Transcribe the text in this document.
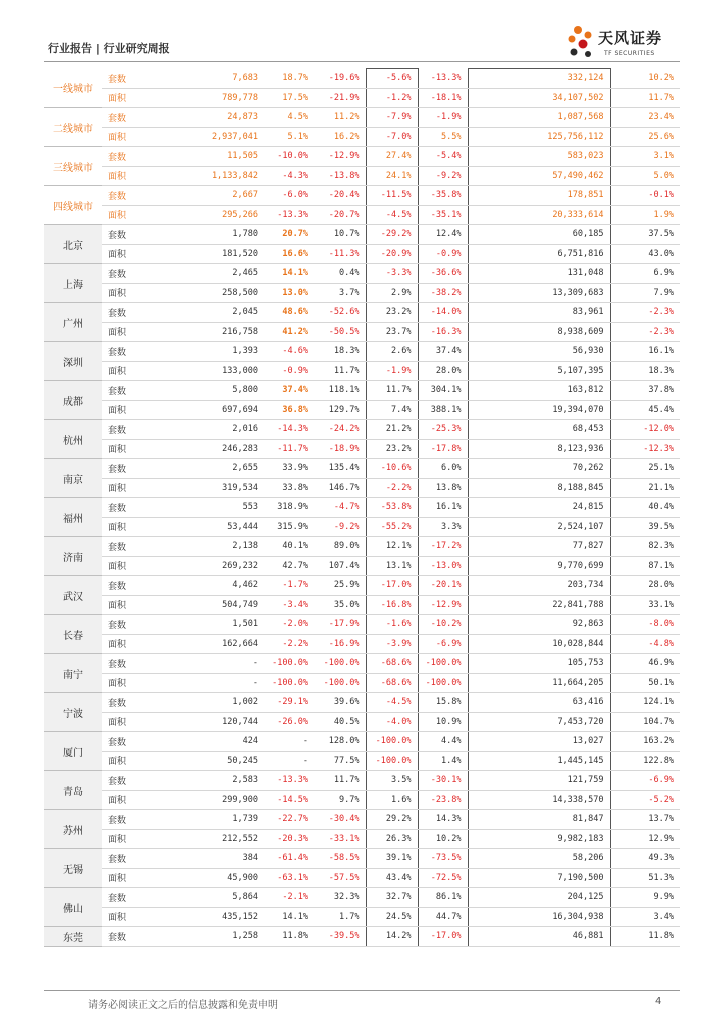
行业报告 | 行业研究周报
天风证券
TF SECURITIES
一线城市	套数	7,683	18.7%	-19.6%	-5.6%	-13.3%	332,124	10.2%
	面积	789,778	17.5%	-21.9%	-1.2%	-18.1%	34,107,502	11.7%
二线城市	套数	24,873	4.5%	11.2%	-7.9%	-1.9%	1,087,568	23.4%
	面积	2,937,041	5.1%	16.2%	-7.0%	5.5%	125,756,112	25.6%
三线城市	套数	11,505	-10.0%	-12.9%	27.4%	-5.4%	583,023	3.1%
	面积	1,133,842	-4.3%	-13.8%	24.1%	-9.2%	57,490,462	5.0%
四线城市	套数	2,667	-6.0%	-20.4%	-11.5%	-35.8%	178,851	-0.1%
	面积	295,266	-13.3%	-20.7%	-4.5%	-35.1%	20,333,614	1.9%
北京	套数	1,780	20.7%	10.7%	-29.2%	12.4%	60,185	37.5%
	面积	181,520	16.6%	-11.3%	-20.9%	-0.9%	6,751,816	43.0%
上海	套数	2,465	14.1%	0.4%	-3.3%	-36.6%	131,048	6.9%
	面积	258,500	13.0%	3.7%	2.9%	-38.2%	13,309,683	7.9%
广州	套数	2,045	48.6%	-52.6%	23.2%	-14.0%	83,961	-2.3%
	面积	216,758	41.2%	-50.5%	23.7%	-16.3%	8,938,609	-2.3%
深圳	套数	1,393	-4.6%	18.3%	2.6%	37.4%	56,930	16.1%
	面积	133,000	-0.9%	11.7%	-1.9%	28.0%	5,107,395	18.3%
成都	套数	5,800	37.4%	118.1%	11.7%	304.1%	163,812	37.8%
	面积	697,694	36.8%	129.7%	7.4%	388.1%	19,394,070	45.4%
杭州	套数	2,016	-14.3%	-24.2%	21.2%	-25.3%	68,453	-12.0%
	面积	246,283	-11.7%	-18.9%	23.2%	-17.8%	8,123,936	-12.3%
南京	套数	2,655	33.9%	135.4%	-10.6%	6.0%	70,262	25.1%
	面积	319,534	33.8%	146.7%	-2.2%	13.8%	8,188,845	21.1%
福州	套数	553	318.9%	-4.7%	-53.8%	16.1%	24,815	40.4%
	面积	53,444	315.9%	-9.2%	-55.2%	3.3%	2,524,107	39.5%
济南	套数	2,138	40.1%	89.0%	12.1%	-17.2%	77,827	82.3%
	面积	269,232	42.7%	107.4%	13.1%	-13.0%	9,770,699	87.1%
武汉	套数	4,462	-1.7%	25.9%	-17.0%	-20.1%	203,734	28.0%
	面积	504,749	-3.4%	35.0%	-16.8%	-12.9%	22,841,788	33.1%
长春	套数	1,501	-2.0%	-17.9%	-1.6%	-10.2%	92,863	-8.0%
	面积	162,664	-2.2%	-16.9%	-3.9%	-6.9%	10,028,844	-4.8%
南宁	套数	-	-100.0%	-100.0%	-68.6%	-100.0%	105,753	46.9%
	面积	-	-100.0%	-100.0%	-68.6%	-100.0%	11,664,205	50.1%
宁波	套数	1,002	-29.1%	39.6%	-4.5%	15.8%	63,416	124.1%
	面积	120,744	-26.0%	40.5%	-4.0%	10.9%	7,453,720	104.7%
厦门	套数	424	-	128.0%	-100.0%	4.4%	13,027	163.2%
	面积	50,245	-	77.5%	-100.0%	1.4%	1,445,145	122.8%
青岛	套数	2,583	-13.3%	11.7%	3.5%	-30.1%	121,759	-6.9%
	面积	299,900	-14.5%	9.7%	1.6%	-23.8%	14,338,570	-5.2%
苏州	套数	1,739	-22.7%	-30.4%	29.2%	14.3%	81,847	13.7%
	面积	212,552	-20.3%	-33.1%	26.3%	10.2%	9,982,183	12.9%
无锡	套数	384	-61.4%	-58.5%	39.1%	-73.5%	58,206	49.3%
	面积	45,900	-63.1%	-57.5%	43.4%	-72.5%	7,190,500	51.3%
佛山	套数	5,864	-2.1%	32.3%	32.7%	86.1%	204,125	9.9%
	面积	435,152	14.1%	1.7%	24.5%	44.7%	16,304,938	3.4%
东莞	套数	1,258	11.8%	-39.5%	14.2%	-17.0%	46,881	11.8%
请务必阅读正文之后的信息披露和免责申明	4
